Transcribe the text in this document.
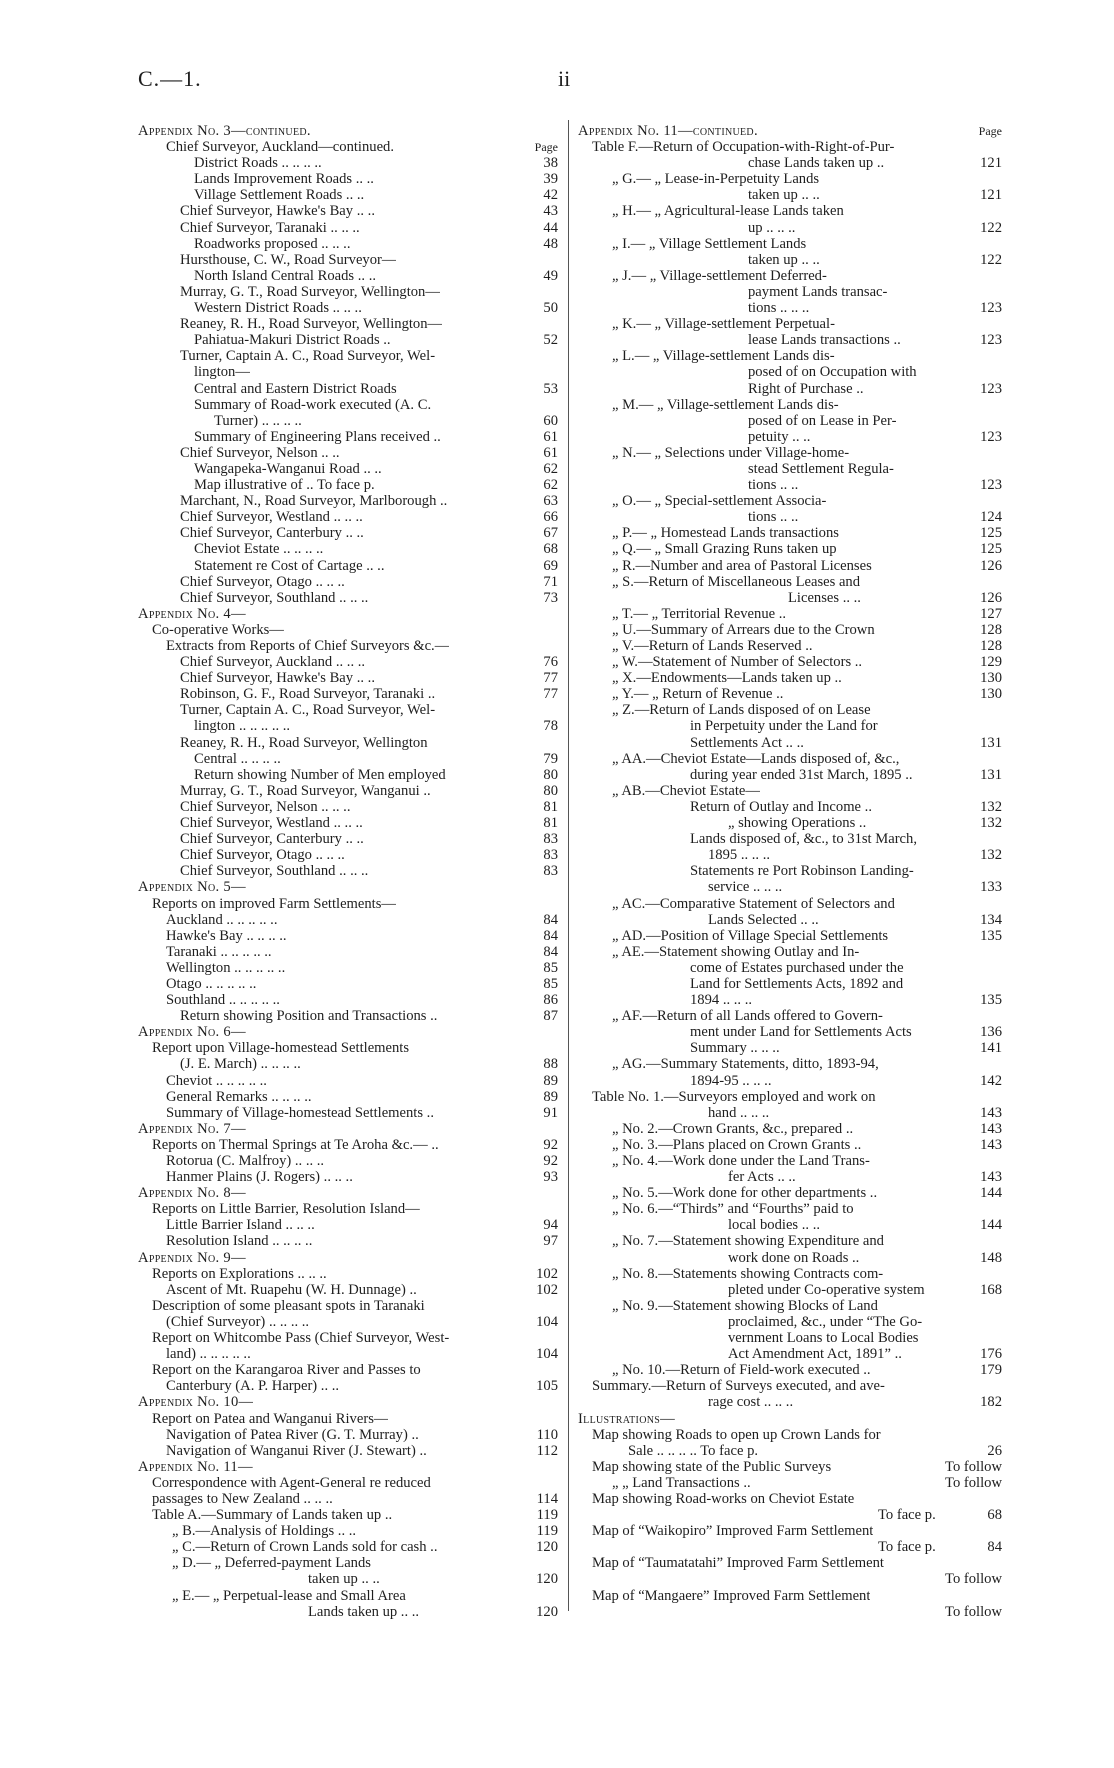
C.—1.	ii
Appendix No. 3—continued.
Chief Surveyor, Auckland—continued.	Page
District Roads .. .. .. ..	38
Lands Improvement Roads .. ..	39
Village Settlement Roads .. ..	42
Chief Surveyor, Hawke's Bay .. ..	43
Chief Surveyor, Taranaki .. .. ..	44
Roadworks proposed .. .. ..	48
Hursthouse, C. W., Road Surveyor—
North Island Central Roads .. ..	49
Murray, G. T., Road Surveyor, Wellington—
Western District Roads .. .. ..	50
Reaney, R. H., Road Surveyor, Wellington—
Pahiatua-Makuri District Roads ..	52
Turner, Captain A. C., Road Surveyor, Wel-
lington—
Central and Eastern District Roads	53
Summary of Road-work executed (A. C.
Turner) .. .. .. ..	60
Summary of Engineering Plans received ..	61
Chief Surveyor, Nelson .. ..	61
Wangapeka-Wanganui Road .. ..	62
Map illustrative of .. To face p.	62
Marchant, N., Road Surveyor, Marlborough ..	63
Chief Surveyor, Westland .. .. ..	66
Chief Surveyor, Canterbury .. ..	67
Cheviot Estate .. .. .. ..	68
Statement re Cost of Cartage .. ..	69
Chief Surveyor, Otago .. .. ..	71
Chief Surveyor, Southland .. .. ..	73
Appendix No. 4—
Co-operative Works—
Extracts from Reports of Chief Surveyors &c.—
Chief Surveyor, Auckland .. .. ..	76
Chief Surveyor, Hawke's Bay .. ..	77
Robinson, G. F., Road Surveyor, Taranaki ..	77
Turner, Captain A. C., Road Surveyor, Wel-
lington .. .. .. .. ..	78
Reaney, R. H., Road Surveyor, Wellington
Central .. .. .. ..	79
Return showing Number of Men employed	80
Murray, G. T., Road Surveyor, Wanganui ..	80
Chief Surveyor, Nelson .. .. ..	81
Chief Surveyor, Westland .. .. ..	81
Chief Surveyor, Canterbury .. ..	83
Chief Surveyor, Otago .. .. ..	83
Chief Surveyor, Southland .. .. ..	83
Appendix No. 5—
Reports on improved Farm Settlements—
Auckland .. .. .. .. ..	84
Hawke's Bay .. .. .. ..	84
Taranaki .. .. .. .. ..	84
Wellington .. .. .. .. ..	85
Otago .. .. .. .. ..	85
Southland .. .. .. .. ..	86
Return showing Position and Transactions ..	87
Appendix No. 6—
Report upon Village-homestead Settlements
(J. E. March) .. .. .. ..	88
Cheviot .. .. .. .. ..	89
General Remarks .. .. .. ..	89
Summary of Village-homestead Settlements ..	91
Appendix No. 7—
Reports on Thermal Springs at Te Aroha &c.— ..	92
Rotorua (C. Malfroy) .. .. ..	92
Hanmer Plains (J. Rogers) .. .. ..	93
Appendix No. 8—
Reports on Little Barrier, Resolution Island—
Little Barrier Island .. .. ..	94
Resolution Island .. .. .. ..	97
Appendix No. 9—
Reports on Explorations .. .. ..	102
Ascent of Mt. Ruapehu (W. H. Dunnage) ..	102
Description of some pleasant spots in Taranaki
(Chief Surveyor) .. .. .. ..	104
Report on Whitcombe Pass (Chief Surveyor, West-
land) .. .. .. .. ..	104
Report on the Karangaroa River and Passes to
Canterbury (A. P. Harper) .. ..	105
Appendix No. 10—
Report on Patea and Wanganui Rivers—
Navigation of Patea River (G. T. Murray) ..	110
Navigation of Wanganui River (J. Stewart) ..	112
Appendix No. 11—
Correspondence with Agent-General re reduced
passages to New Zealand .. .. ..	114
Table A.—Summary of Lands taken up ..	119
„ B.—Analysis of Holdings .. ..	119
„ C.—Return of Crown Lands sold for cash ..	120
„ D.— „ Deferred-payment Lands
taken up .. ..	120
„ E.— „ Perpetual-lease and Small Area
Lands taken up .. ..	120
Appendix No. 11—continued.	Page
Table F.—Return of Occupation-with-Right-of-Pur-
chase Lands taken up ..	121
„ G.— „ Lease-in-Perpetuity Lands
taken up .. ..	121
„ H.— „ Agricultural-lease Lands taken
up .. .. ..	122
„ I.— „ Village Settlement Lands
taken up .. ..	122
„ J.— „ Village-settlement Deferred-
payment Lands transac-
tions .. .. ..	123
„ K.— „ Village-settlement Perpetual-
lease Lands transactions ..	123
„ L.— „ Village-settlement Lands dis-
posed of on Occupation with
Right of Purchase ..	123
„ M.— „ Village-settlement Lands dis-
posed of on Lease in Per-
petuity .. ..	123
„ N.— „ Selections under Village-home-
stead Settlement Regula-
tions .. ..	123
„ O.— „ Special-settlement Associa-
tions .. ..	124
„ P.— „ Homestead Lands transactions	125
„ Q.— „ Small Grazing Runs taken up	125
„ R.—Number and area of Pastoral Licenses	126
„ S.—Return of Miscellaneous Leases and
Licenses .. ..	126
„ T.— „ Territorial Revenue ..	127
„ U.—Summary of Arrears due to the Crown	128
„ V.—Return of Lands Reserved ..	128
„ W.—Statement of Number of Selectors ..	129
„ X.—Endowments—Lands taken up ..	130
„ Y.— „ Return of Revenue ..	130
„ Z.—Return of Lands disposed of on Lease
in Perpetuity under the Land for
Settlements Act .. ..	131
„ AA.—Cheviot Estate—Lands disposed of, &c.,
during year ended 31st March, 1895 ..	131
„ AB.—Cheviot Estate—
Return of Outlay and Income ..	132
„ showing Operations ..	132
Lands disposed of, &c., to 31st March,
1895 .. .. ..	132
Statements re Port Robinson Landing-
service .. .. ..	133
„ AC.—Comparative Statement of Selectors and
Lands Selected .. ..	134
„ AD.—Position of Village Special Settlements	135
„ AE.—Statement showing Outlay and In-
come of Estates purchased under the
Land for Settlements Acts, 1892 and
1894 .. .. ..	135
„ AF.—Return of all Lands offered to Govern-
ment under Land for Settlements Acts	136
Summary .. .. ..	141
„ AG.—Summary Statements, ditto, 1893-94,
1894-95 .. .. ..	142
Table No. 1.—Surveyors employed and work on
hand .. .. ..	143
„ No. 2.—Crown Grants, &c., prepared ..	143
„ No. 3.—Plans placed on Crown Grants ..	143
„ No. 4.—Work done under the Land Trans-
fer Acts .. ..	143
„ No. 5.—Work done for other departments ..	144
„ No. 6.—“Thirds” and “Fourths” paid to
local bodies .. ..	144
„ No. 7.—Statement showing Expenditure and
work done on Roads ..	148
„ No. 8.—Statements showing Contracts com-
pleted under Co-operative system	168
„ No. 9.—Statement showing Blocks of Land
proclaimed, &c., under “The Go-
vernment Loans to Local Bodies
Act Amendment Act, 1891” ..	176
„ No. 10.—Return of Field-work executed ..	179
Summary.—Return of Surveys executed, and ave-
rage cost .. .. ..	182
Illustrations—
Map showing Roads to open up Crown Lands for
Sale .. .. .. .. To face p.	26
Map showing state of the Public Surveys	To follow
„ „ Land Transactions ..	To follow
Map showing Road-works on Cheviot Estate
To face p.	68
Map of “Waikopiro” Improved Farm Settlement
To face p.	84
Map of “Taumatatahi” Improved Farm Settlement
To follow
Map of “Mangaere” Improved Farm Settlement
To follow
